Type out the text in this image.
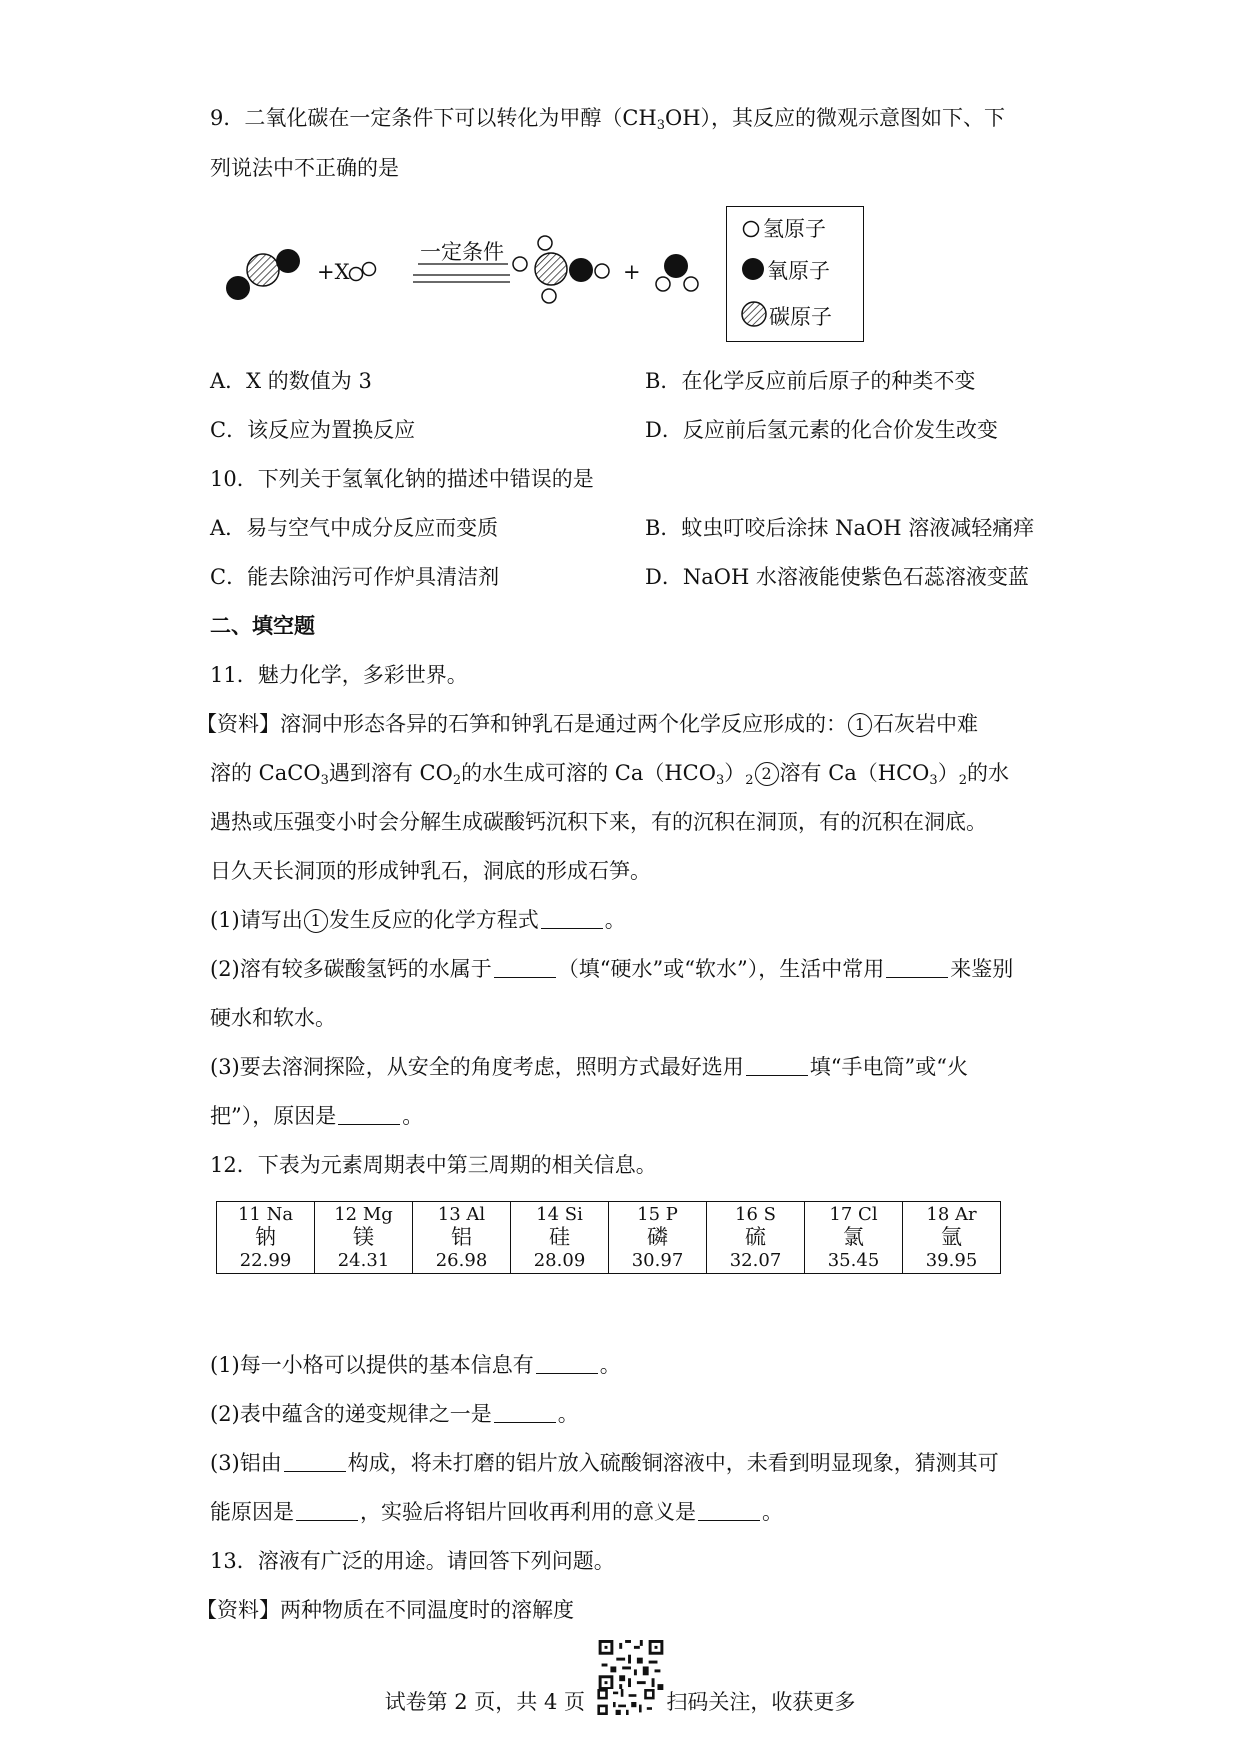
9．二氧化碳在一定条件下可以转化为甲醇$(CH_3OH)$，其反应的微观示意图如下、下
列说法中不正确的是
+X
一定条件
+
氢原子
氧原子
碳原子
A．X 的数值为 3	B．在化学反应前后原子的种类不变
C．该反应为置换反应	D．反应前后氢元素的化合价发生改变
10．下列关于氢氧化钠的描述中错误的是
A．易与空气中成分反应而变质	B．蚊虫叮咬后涂抹 NaOH 溶液减轻痛痒
C．能去除油污可作炉具清洁剂	D．NaOH 水溶液能使紫色石蕊溶液变蓝
二、填空题
11．魅力化学，多彩世界。
【资料】溶洞中形态各异的石笋和钟乳石是通过两个化学反应形成的： 1 石灰岩中难
溶的 CaCO$_3$遇到溶有 $CO_2$的水生成可溶的 $Ca(HCO_3)_2$ 2 溶有 $Ca(HCO_3)_2$的水
遇热或压强变小时会分解生成碳酸钙沉积下来，有的沉积在洞顶，有的沉积在洞底。
日久天长洞顶的形成钟乳石，洞底的形成石笋。
(1)请写出 1 发生反应的化学方程式	。
(2)溶有较多碳酸氢钙的水属于	（填“硬水”或“软水”），生活中常用	来鉴别
硬水和软水。
(3)要去溶洞探险，从安全的角度考虑，照明方式最好选用	填“手电筒”或“火
把”），原因是	。
12．下表为元素周期表中第三周期的相关信息。
11 Na
钠
22.99

12 Mg
镁
24.31

13 Al
铝
26.98

14 Si
硅
28.09

15 P
磷
30.97

16 S
硫
32.07

17 Cl
氯
35.45

18 Ar
氩
39.95
(1)每一小格可以提供的基本信息有	。
(2)表中蕴含的递变规律之一是	。
(3)铝由	构成，将未打磨的铝片放入硫酸铜溶液中，未看到明显现象，猜测其可
能原因是	，实验后将铝片回收再利用的意义是	。
13．溶液有广泛的用途。请回答下列问题。
【资料】两种物质在不同温度时的溶解度
试卷第 2 页，共 4 页	扫码关注，收获更多
